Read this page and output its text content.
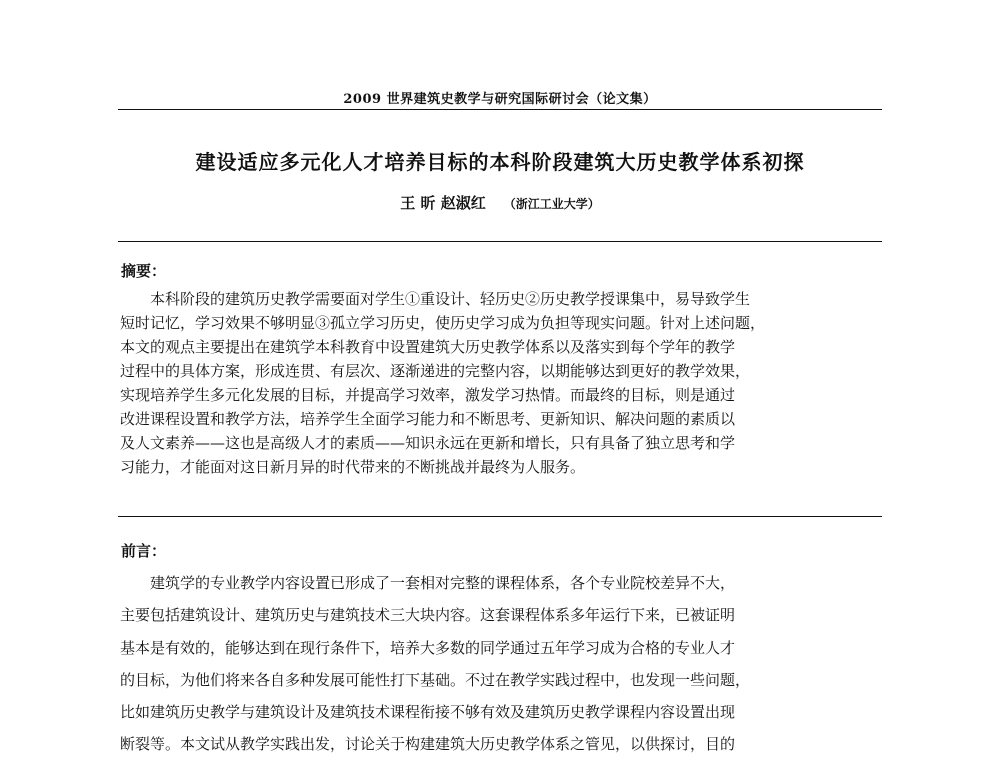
2009 世界建筑史教学与研究国际研讨会（论文集）
建设适应多元化人才培养目标的本科阶段建筑大历史教学体系初探
王 昕 赵淑红 （浙江工业大学）
摘要：
本科阶段的建筑历史教学需要面对学生①重设计、轻历史②历史教学授课集中，易导致学生
短时记忆，学习效果不够明显③孤立学习历史，使历史学习成为负担等现实问题。针对上述问题，
本文的观点主要提出在建筑学本科教育中设置建筑大历史教学体系以及落实到每个学年的教学
过程中的具体方案，形成连贯、有层次、逐渐递进的完整内容，以期能够达到更好的教学效果，
实现培养学生多元化发展的目标，并提高学习效率，激发学习热情。而最终的目标，则是通过
改进课程设置和教学方法，培养学生全面学习能力和不断思考、更新知识、解决问题的素质以
及人文素养——这也是高级人才的素质——知识永远在更新和增长，只有具备了独立思考和学
习能力，才能面对这日新月异的时代带来的不断挑战并最终为人服务。
前言：
建筑学的专业教学内容设置已形成了一套相对完整的课程体系，各个专业院校差异不大，
主要包括建筑设计、建筑历史与建筑技术三大块内容。这套课程体系多年运行下来，已被证明
基本是有效的，能够达到在现行条件下，培养大多数的同学通过五年学习成为合格的专业人才
的目标，为他们将来各自多种发展可能性打下基础。不过在教学实践过程中，也发现一些问题，
比如建筑历史教学与建筑设计及建筑技术课程衔接不够有效及建筑历史教学课程内容设置出现
断裂等。本文试从教学实践出发，讨论关于构建建筑大历史教学体系之管见，以供探讨，目的
